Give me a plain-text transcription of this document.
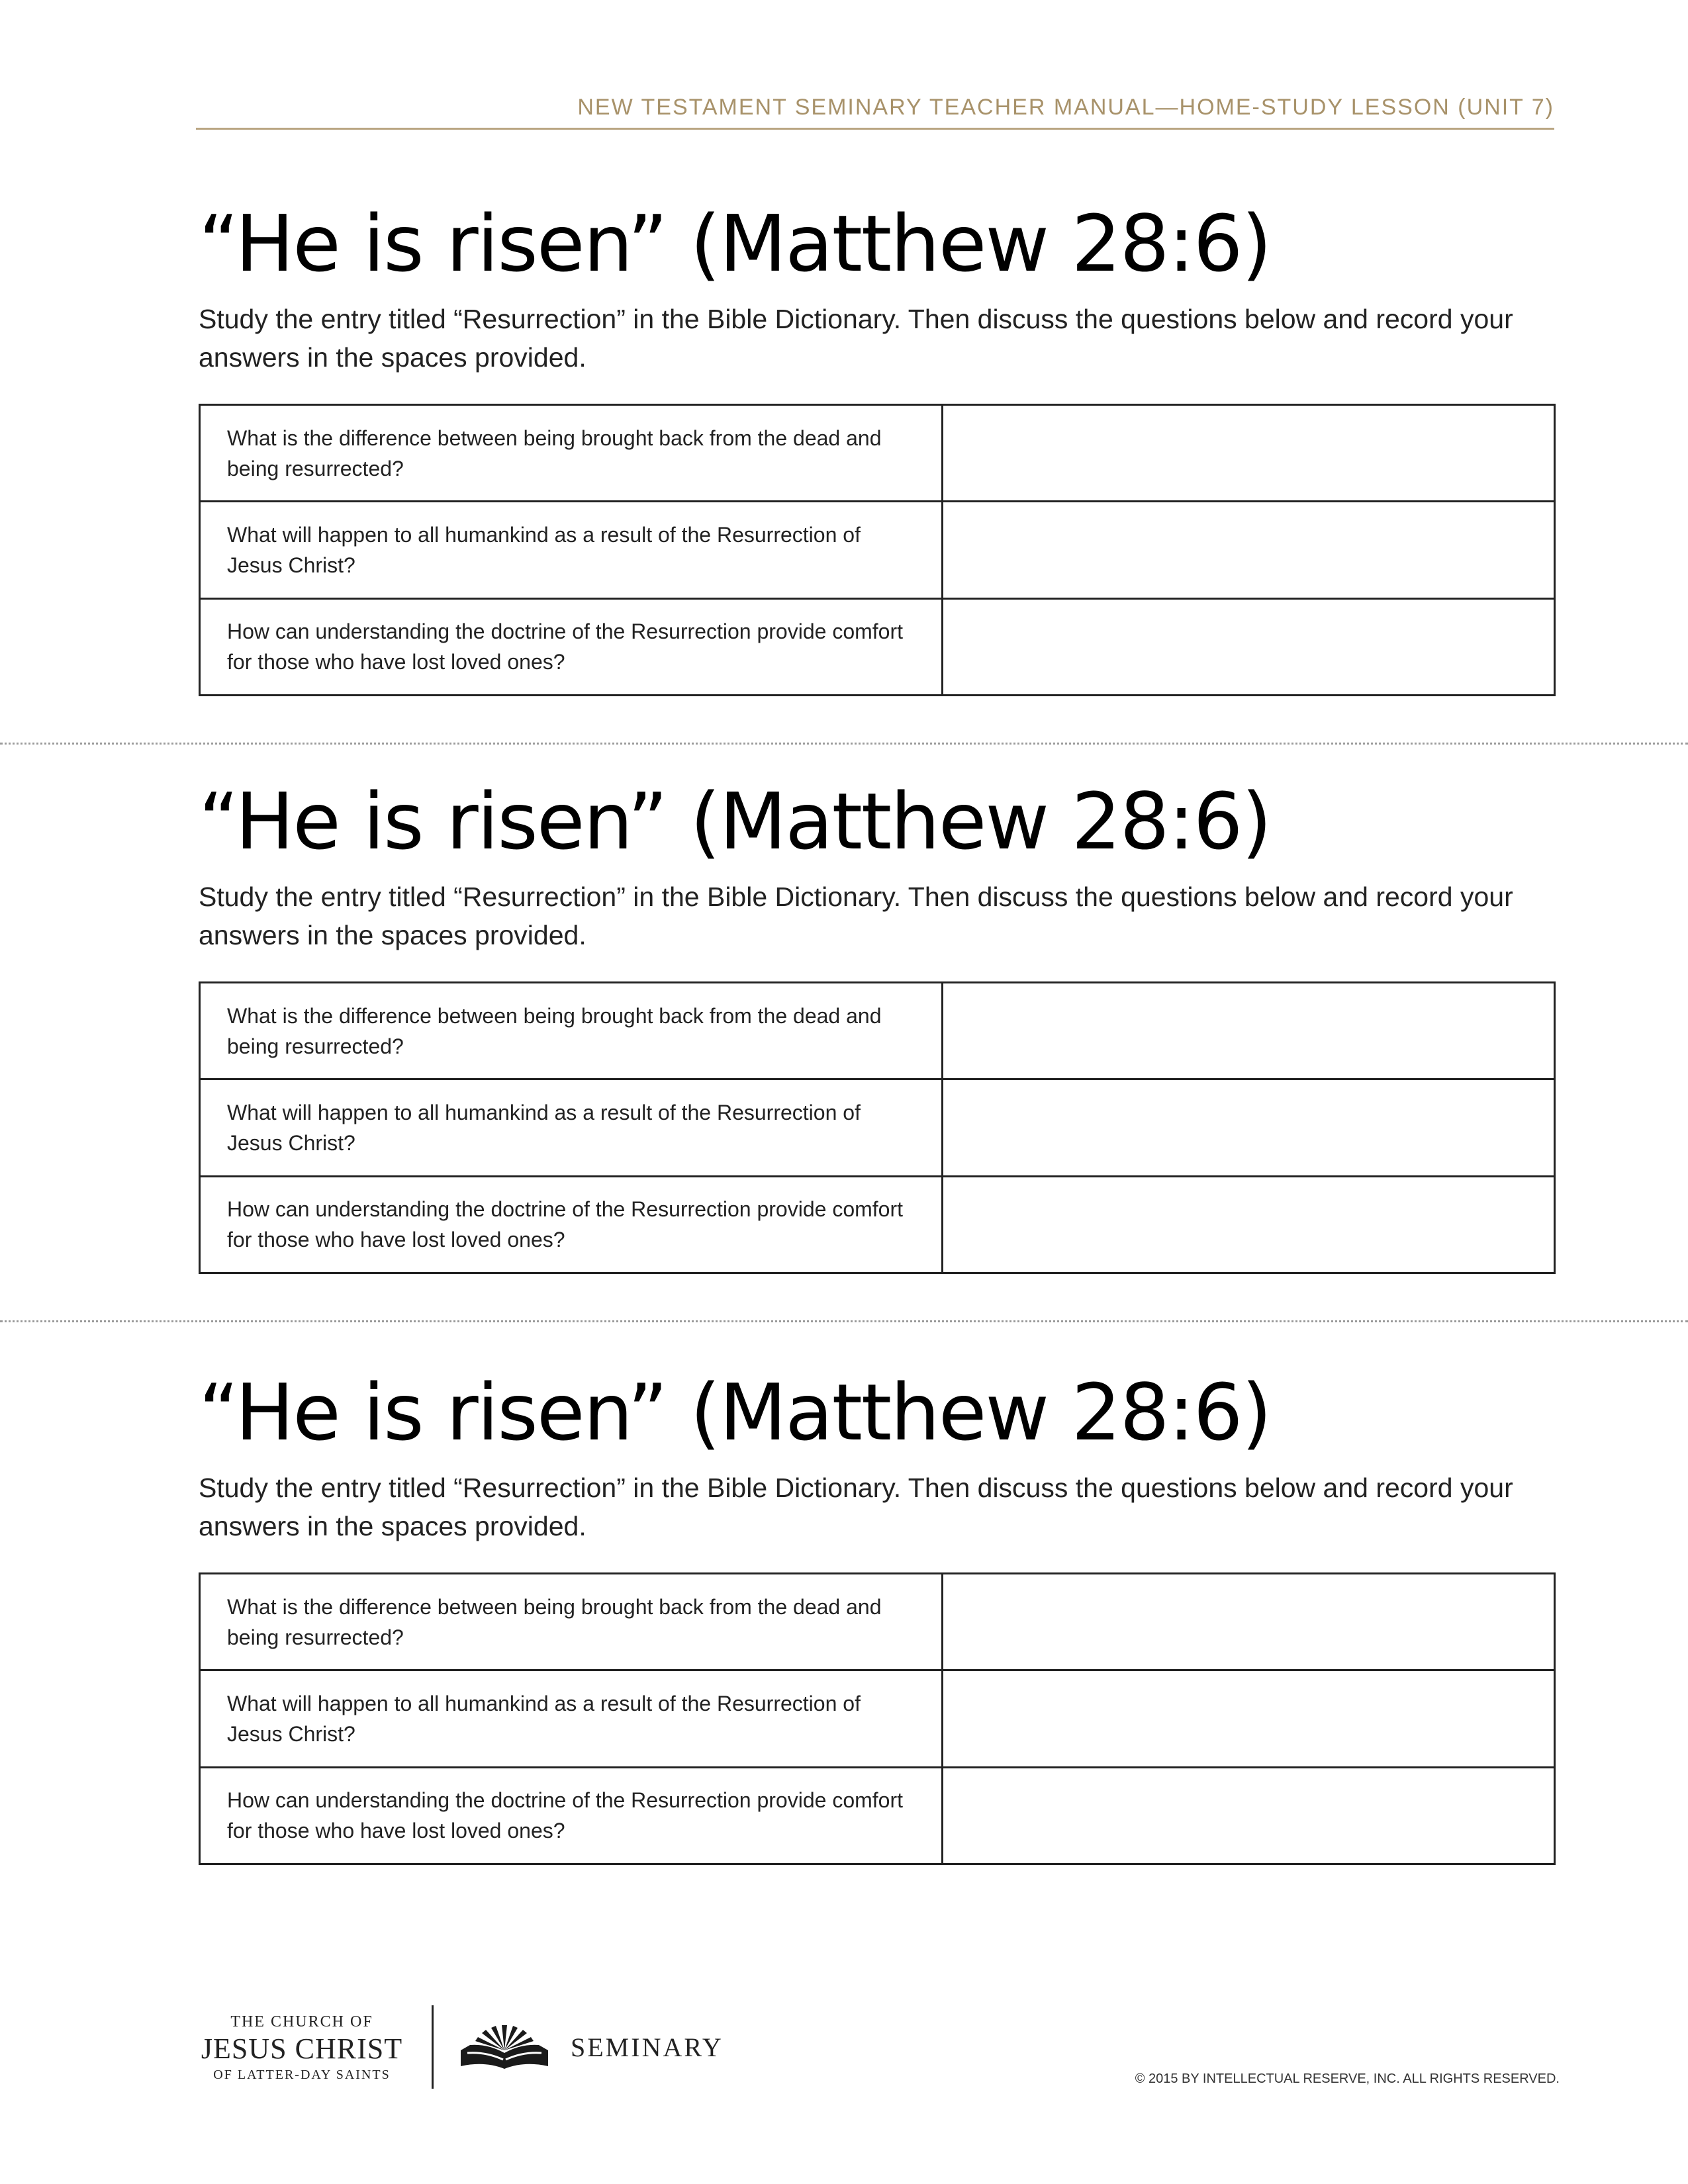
NEW TESTAMENT SEMINARY TEACHER MANUAL—HOME-STUDY LESSON (UNIT 7)
“He is risen” (Matthew 28:6)

Study the entry titled “Resurrection” in the Bible Dictionary. Then discuss the questions below and record your answers in the spaces provided.

What is the difference between being brought back from the dead and being resurrected?	
What will happen to all humankind as a result of the Resurrection of Jesus Christ?	
How can understanding the doctrine of the Resurrection provide comfort for those who have lost loved ones?	
“He is risen” (Matthew 28:6)

Study the entry titled “Resurrection” in the Bible Dictionary. Then discuss the questions below and record your answers in the spaces provided.

What is the difference between being brought back from the dead and being resurrected?	
What will happen to all humankind as a result of the Resurrection of Jesus Christ?	
How can understanding the doctrine of the Resurrection provide comfort for those who have lost loved ones?	
“He is risen” (Matthew 28:6)

Study the entry titled “Resurrection” in the Bible Dictionary. Then discuss the questions below and record your answers in the spaces provided.

What is the difference between being brought back from the dead and being resurrected?	
What will happen to all humankind as a result of the Resurrection of Jesus Christ?	
How can understanding the doctrine of the Resurrection provide comfort for those who have lost loved ones?	
THE CHURCH OF
JESUS CHRIST
OF LATTER-DAY SAINTS
SEMINARY
© 2015 BY INTELLECTUAL RESERVE, INC. ALL RIGHTS RESERVED.
